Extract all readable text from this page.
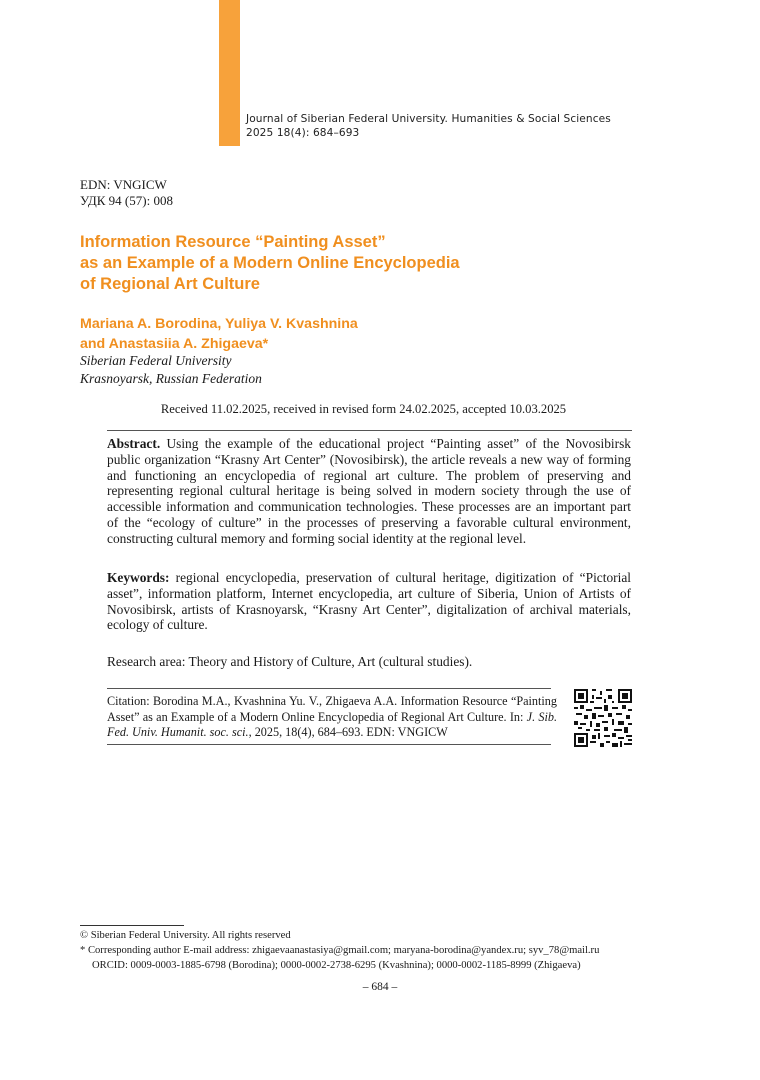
Journal of Siberian Federal University. Humanities & Social Sciences
2025 18(4): 684–693
EDN: VNGICW
УДК 94 (57): 008
Information Resource “Painting Asset”
as an Example of a Modern Online Encyclopedia
of Regional Art Culture
Mariana A. Borodina, Yuliya V. Kvashnina
and Anastasiia A. Zhigaeva*
Siberian Federal University
Krasnoyarsk, Russian Federation
Received 11.02.2025, received in revised form 24.02.2025, accepted 10.03.2025
Abstract. Using the example of the educational project “Painting asset” of the Novosibirsk public organization “Krasny Art Center” (Novosibirsk), the article reveals a new way of forming and functioning an encyclopedia of regional art culture. The problem of preserving and representing regional cultural heritage is being solved in modern society through the use of accessible information and communication technologies. These processes are an important part of the “ecology of culture” in the processes of preserving a favorable cultural environment, constructing cultural memory and forming social identity at the regional level.
Keywords: regional encyclopedia, preservation of cultural heritage, digitization of “Pictorial asset”, information platform, Internet encyclopedia, art culture of Siberia, Union of Artists of Novosibirsk, artists of Krasnoyarsk, “Krasny Art Center”, digitalization of archival materials, ecology of culture.
Research area: Theory and History of Culture, Art (cultural studies).
Citation: Borodina M.A., Kvashnina Yu. V., Zhigaeva A.A. Information Resource “Painting Asset” as an Example of a Modern Online Encyclopedia of Regional Art Culture. In: J. Sib. Fed. Univ. Humanit. soc. sci., 2025, 18(4), 684–693. EDN: VNGICW
© Siberian Federal University. All rights reserved
* Corresponding author E-mail address: zhigaevaanastasiya@gmail.com; maryana-borodina@yandex.ru; syv_78@mail.ru
ORCID: 0009-0003-1885-6798 (Borodina); 0000-0002-2738-6295 (Kvashnina); 0000-0002-1185-8999 (Zhigaeva)
– 684 –
